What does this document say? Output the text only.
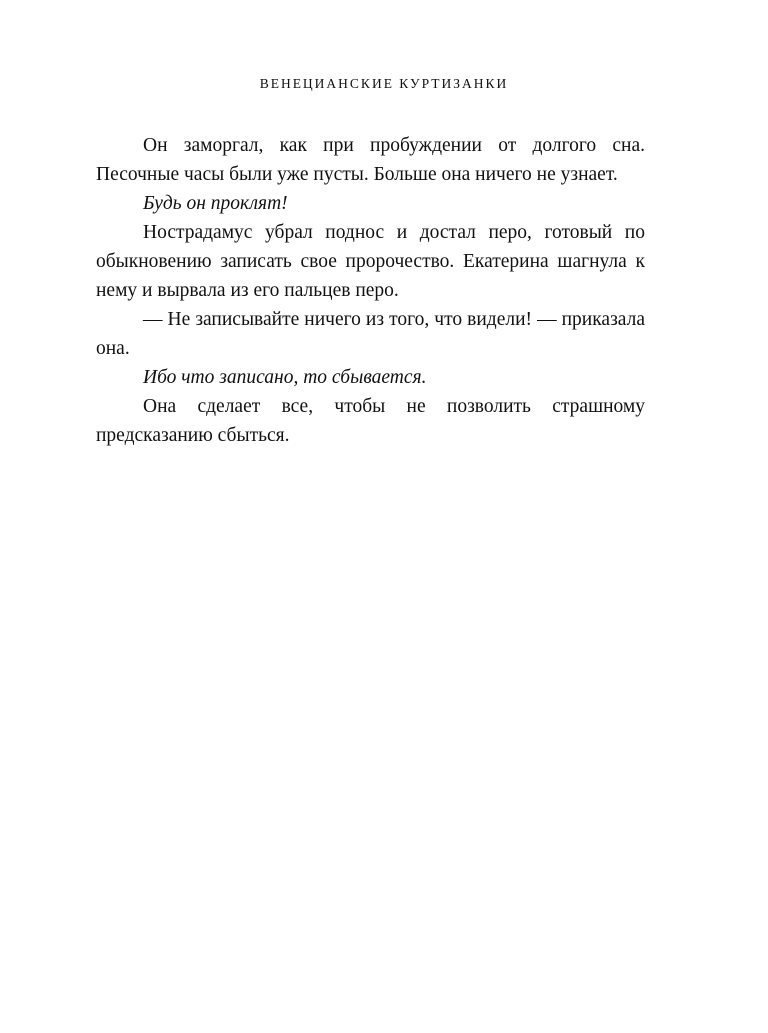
ВЕНЕЦИАНСКИЕ КУРТИЗАНКИ

Он заморгал, как при пробуждении от долгого сна. Песочные часы были уже пусты. Больше она ничего не узнает.

Будь он проклят!

Нострадамус убрал поднос и достал перо, готовый по обыкновению записать свое пророчество. Екатерина шагнула к нему и вырвала из его пальцев перо.

— Не записывайте ничего из того, что видели! — приказала она.

Ибо что записано, то сбывается.

Она сделает все, чтобы не позволить страшному предсказанию сбыться.
